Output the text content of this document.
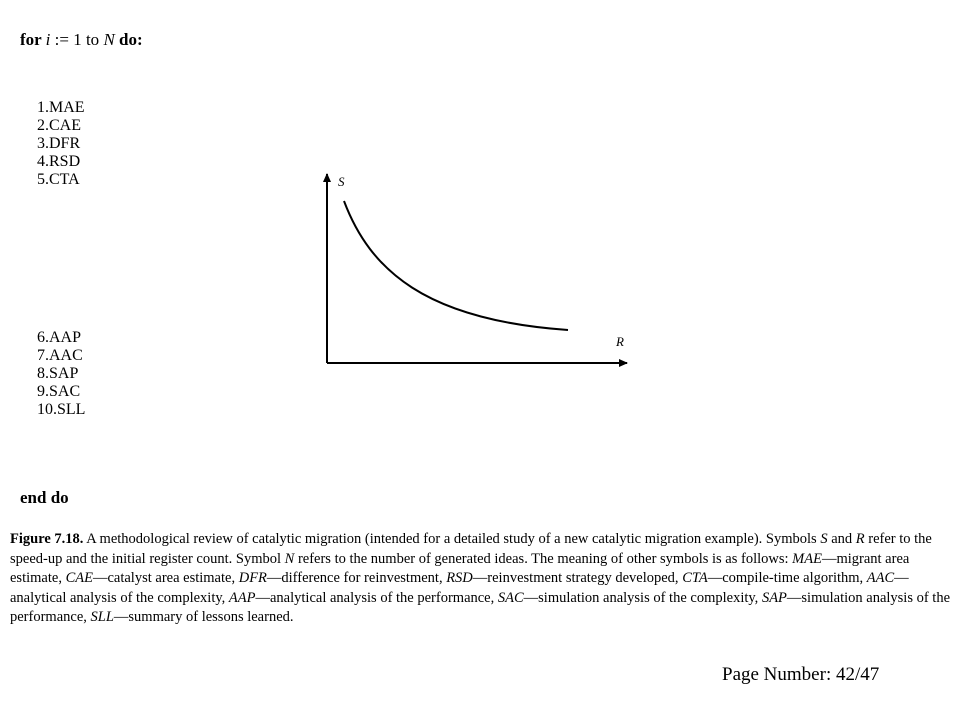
for i := 1 to N do:
1.MAE
2.CAE
3.DFR
4.RSD
5.CTA
6.AAP
7.AAC
8.SAP
9.SAC
10.SLL
S
R
end do
Figure 7.18. A methodological review of catalytic migration (intended for a detailed study of a new catalytic migration example). Symbols S and R refer to the speed-up and the initial register count. Symbol N refers to the number of generated ideas. The meaning of other symbols is as follows: MAE—migrant area estimate, CAE—catalyst area estimate, DFR—difference for reinvestment, RSD—reinvestment strategy developed, CTA—compile-time algorithm, AAC—analytical analysis of the complexity, AAP—analytical analysis of the performance, SAC—simulation analysis of the complexity, SAP—simulation analysis of the performance, SLL—summary of lessons learned.
Page Number: 42/47
